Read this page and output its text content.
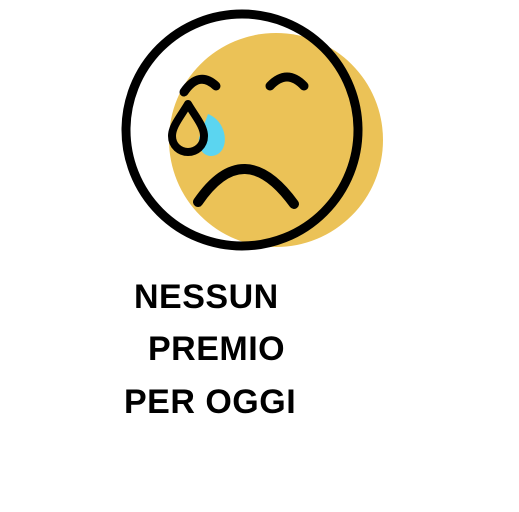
NESSUN

PREMIO

PER OGGI
